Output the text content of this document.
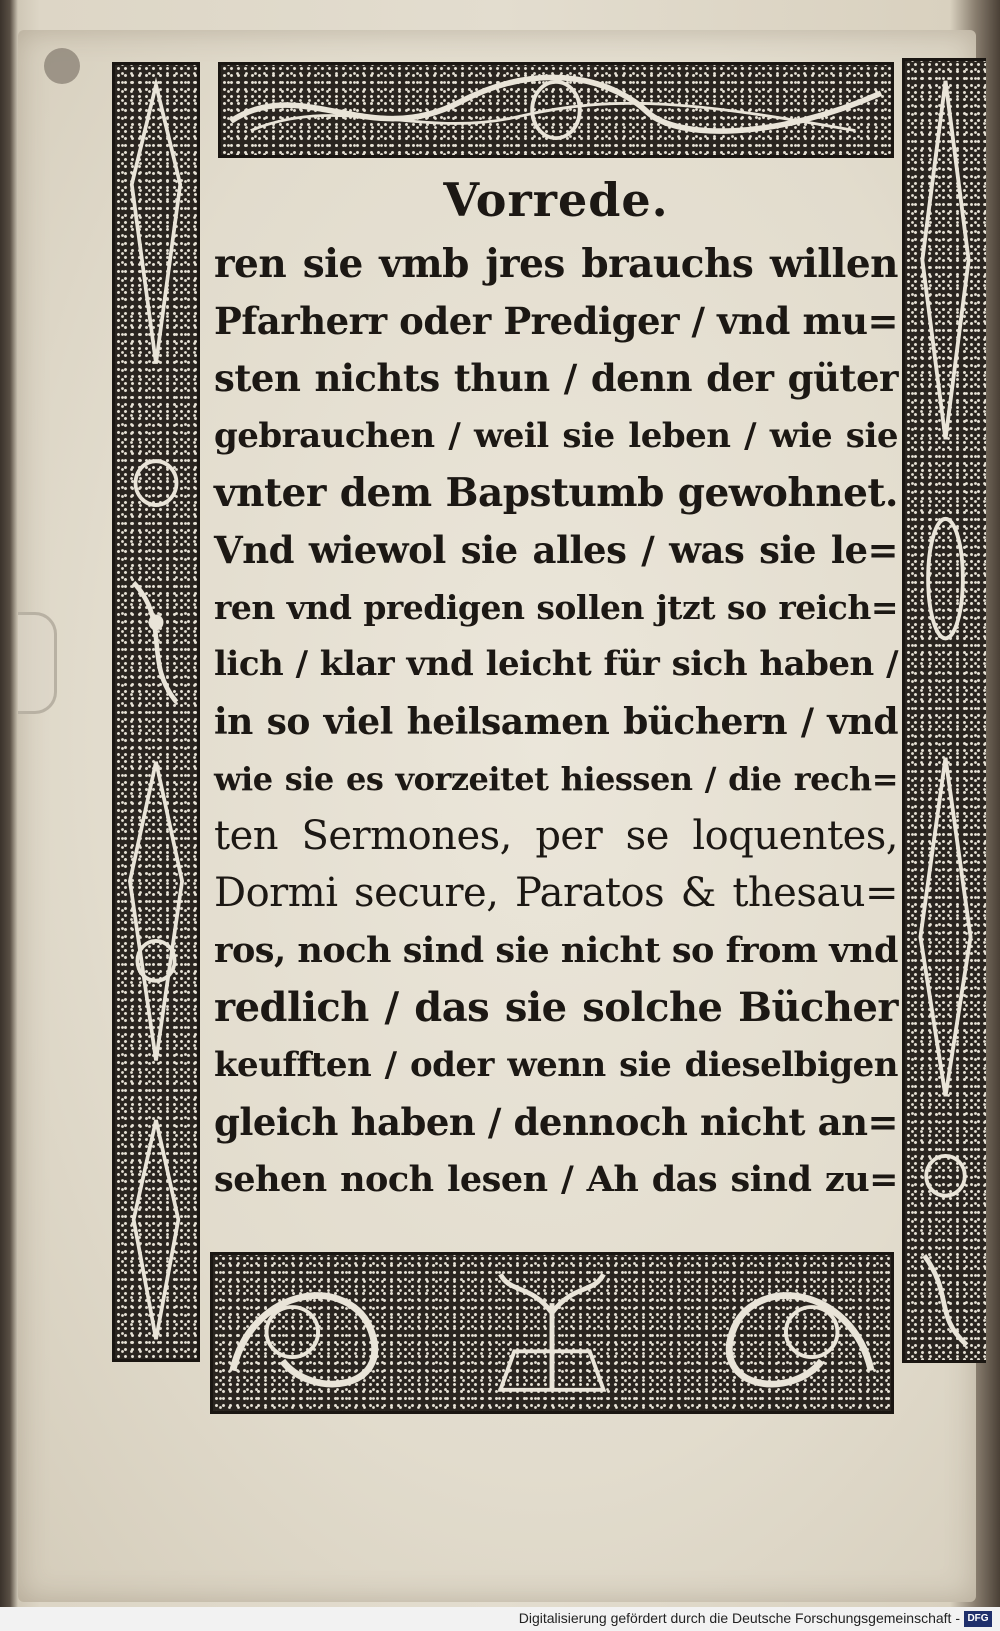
Vorrede.
ren sie vmb jres brauchs willen
Pfarherr oder Prediger / vnd mu=
sten nichts thun / denn der güter
gebrauchen / weil sie leben / wie sie
vnter dem Bapstumb gewohnet.
Vnd wiewol sie alles / was sie le=
ren vnd predigen sollen jtzt so reich=
lich / klar vnd leicht für sich haben /
in so viel heilsamen büchern / vnd
wie sie es vorzeitet hiessen / die rech=
ten Sermones, per se loquentes,
Dormi secure, Paratos & thesau=
ros, noch sind sie nicht so from vnd
redlich / das sie solche Bücher
keufften / oder wenn sie dieselbigen
gleich haben / dennoch nicht an=
sehen noch lesen / Ah das sind zu=
Digitalisierung gefördert durch die Deutsche Forschungsgemeinschaft - DFG
